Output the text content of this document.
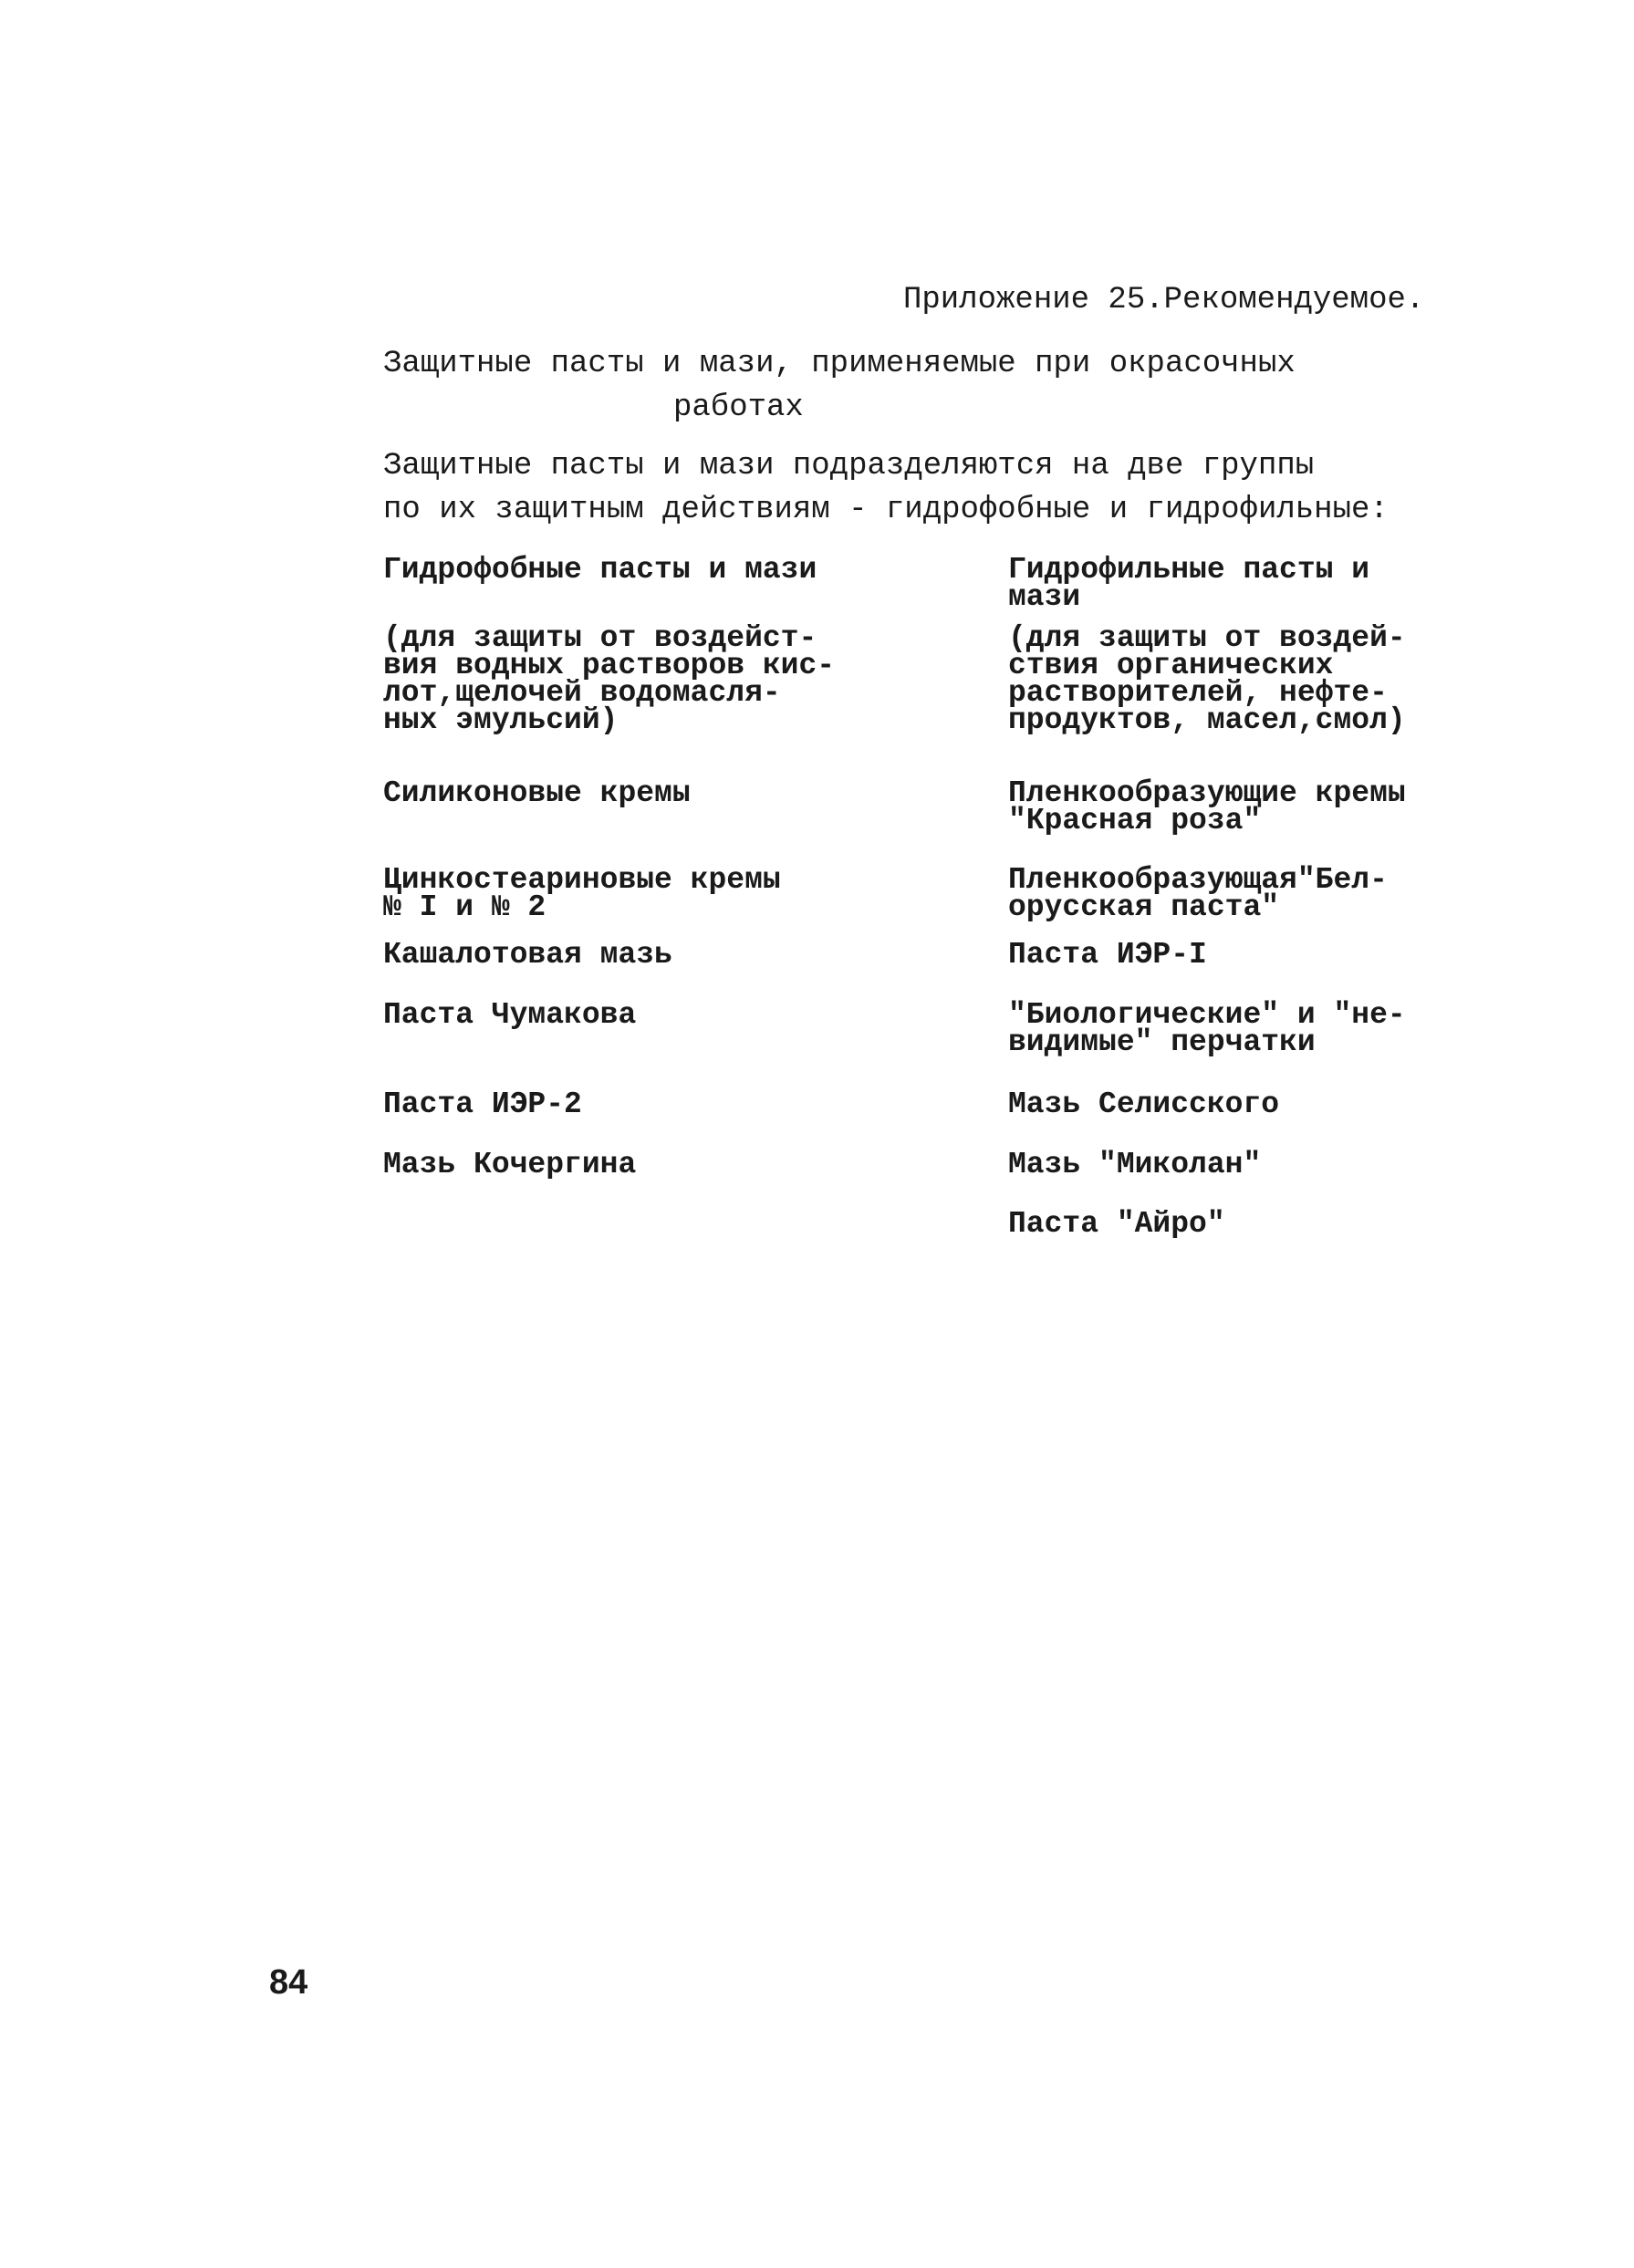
Приложение 25.Рекомендуемое.
Защитные пасты и мази, применяемые при окрасочных
работах
Защитные пасты и мази подразделяются на две группы
по их защитным действиям - гидрофобные и гидрофильные:
Гидрофобные пасты и мази
(для защиты от воздейст-
вия водных растворов кис-
лот,щелочей водомасля-
ных эмульсий)
Силиконовые кремы
Цинкостеариновые кремы
№ I и № 2
Кашалотовая мазь
Паста Чумакова
Паста ИЭР-2
Мазь Кочергина
Гидрофильные пасты и
мази
(для защиты от воздей-
ствия органических
растворителей, нефте-
продуктов, масел,смол)
Пленкообразующие кремы
"Красная роза"
Пленкообразующая"Бел-
орусская паста"
Паста ИЭР-I
"Биологические" и "не-
видимые" перчатки
Мазь Селисского
Мазь "Миколан"
Паста "Айро"
84
